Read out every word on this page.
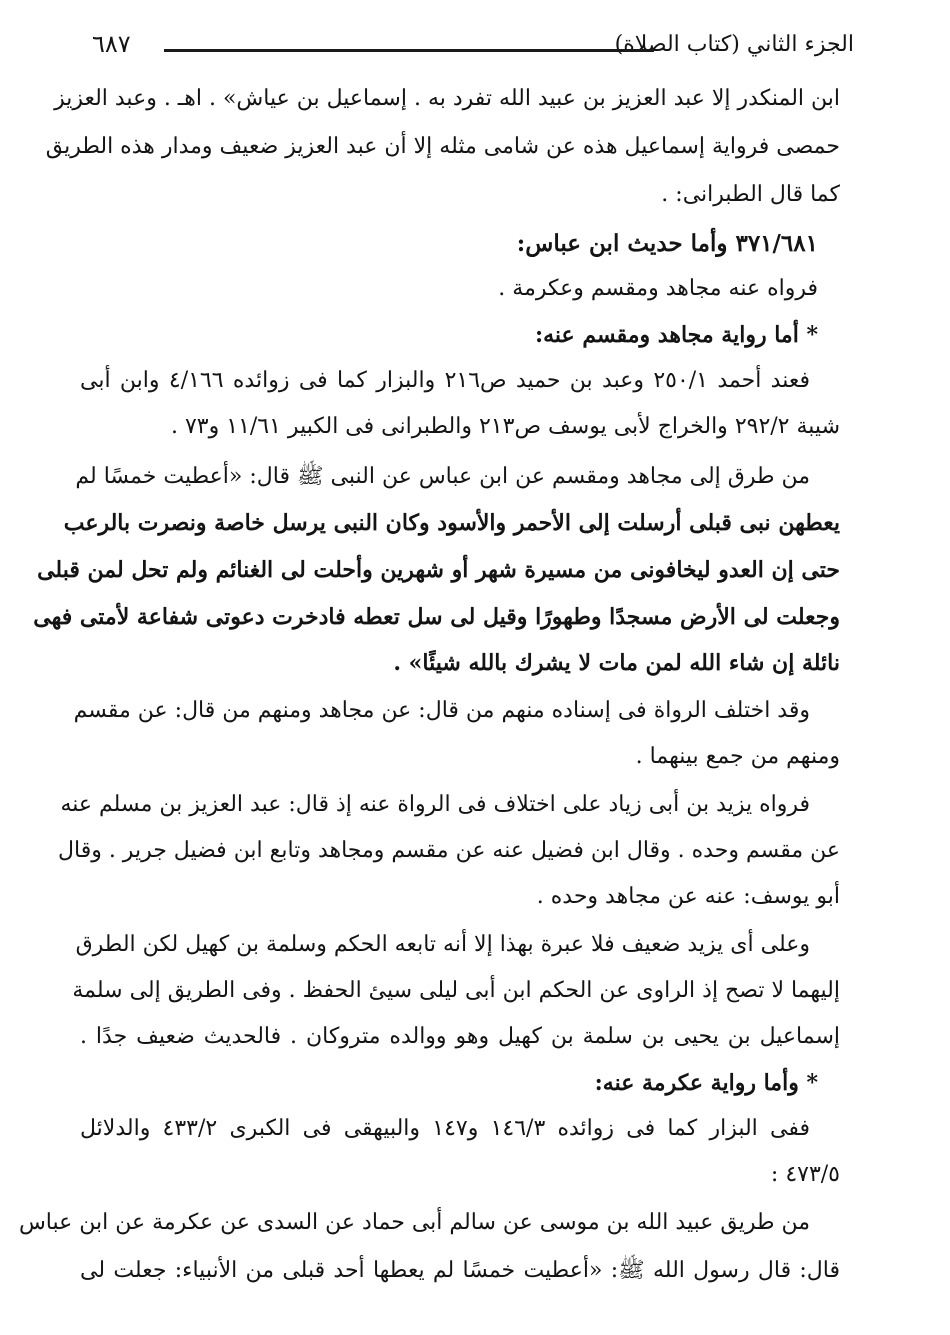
الجزء الثاني (كتاب الصلاة)
٦٨٧
ابن المنكدر إلا عبد العزيز بن عبيد الله تفرد به . إسماعيل بن عياش» . اهـ . وعبد العزيز
حمصى فرواية إسماعيل هذه عن شامى مثله إلا أن عبد العزيز ضعيف ومدار هذه الطريق
كما قال الطبرانى: .
٣٧١/٦٨١ وأما حديث ابن عباس:
فرواه عنه مجاهد ومقسم وعكرمة .
* أما رواية مجاهد ومقسم عنه:
فعند أحمد ٢٥٠/١ وعبد بن حميد ص٢١٦ والبزار كما فى زوائده ٤/١٦٦ وابن أبى
شيبة ٢٩٢/٢ والخراج لأبى يوسف ص٢١٣ والطبرانى فى الكبير ١١/٦١ و٧٣ .
من طرق إلى مجاهد ومقسم عن ابن عباس عن النبى ﷺ قال: «أعطيت خمسًا لم
يعطهن نبى قبلى أرسلت إلى الأحمر والأسود وكان النبى يرسل خاصة ونصرت بالرعب
حتى إن العدو ليخافونى من مسيرة شهر أو شهرين وأحلت لى الغنائم ولم تحل لمن قبلى
وجعلت لى الأرض مسجدًا وطهورًا وقيل لى سل تعطه فادخرت دعوتى شفاعة لأمتى فهى
نائلة إن شاء الله لمن مات لا يشرك بالله شيئًا» .
وقد اختلف الرواة فى إسناده منهم من قال: عن مجاهد ومنهم من قال: عن مقسم
ومنهم من جمع بينهما .
فرواه يزيد بن أبى زياد على اختلاف فى الرواة عنه إذ قال: عبد العزيز بن مسلم عنه
عن مقسم وحده . وقال ابن فضيل عنه عن مقسم ومجاهد وتابع ابن فضيل جرير . وقال
أبو يوسف: عنه عن مجاهد وحده .
وعلى أى يزيد ضعيف فلا عبرة بهذا إلا أنه تابعه الحكم وسلمة بن كهيل لكن الطرق
إليهما لا تصح إذ الراوى عن الحكم ابن أبى ليلى سيئ الحفظ . وفى الطريق إلى سلمة
إسماعيل بن يحيى بن سلمة بن كهيل وهو ووالده متروكان . فالحديث ضعيف جدًا .
* وأما رواية عكرمة عنه:
ففى البزار كما فى زوائده ١٤٦/٣ و١٤٧ والبيهقى فى الكبرى ٤٣٣/٢ والدلائل
٤٧٣/٥ :
من طريق عبيد الله بن موسى عن سالم أبى حماد عن السدى عن عكرمة عن ابن عباس
قال: قال رسول الله ﷺ: «أعطيت خمسًا لم يعطها أحد قبلى من الأنبياء: جعلت لى
